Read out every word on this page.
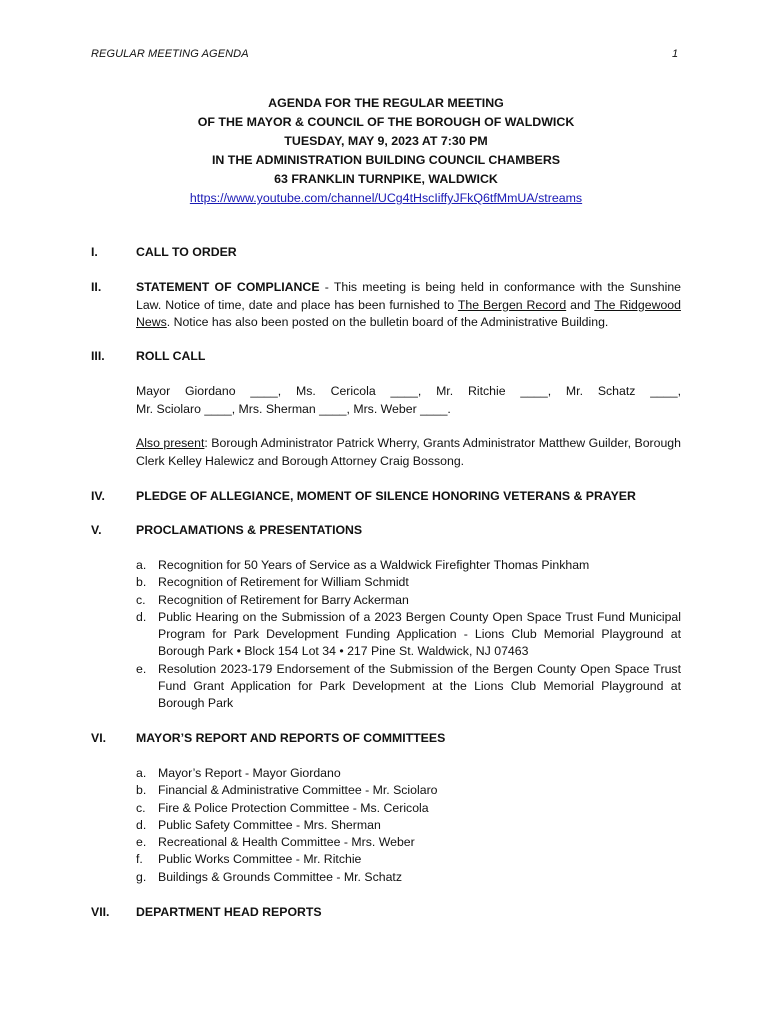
REGULAR MEETING AGENDA	1
AGENDA FOR THE REGULAR MEETING
OF THE MAYOR & COUNCIL OF THE BOROUGH OF WALDWICK
TUESDAY, MAY 9, 2023 AT 7:30 PM
IN THE ADMINISTRATION BUILDING COUNCIL CHAMBERS
63 FRANKLIN TURNPIKE, WALDWICK
https://www.youtube.com/channel/UCg4tHscIiffyJFkQ6tfMmUA/streams
I.	CALL TO ORDER
II.	STATEMENT OF COMPLIANCE - This meeting is being held in conformance with the Sunshine Law. Notice of time, date and place has been furnished to The Bergen Record and The Ridgewood News. Notice has also been posted on the bulletin board of the Administrative Building.
III.	ROLL CALL
Mayor Giordano ____, Ms. Cericola ____, Mr. Ritchie ____, Mr. Schatz ____,
Mr. Sciolaro ____, Mrs. Sherman ____, Mrs. Weber ____.
Also present: Borough Administrator Patrick Wherry, Grants Administrator Matthew Guilder, Borough Clerk Kelley Halewicz and Borough Attorney Craig Bossong.
IV.	PLEDGE OF ALLEGIANCE, MOMENT OF SILENCE HONORING VETERANS & PRAYER
V.	PROCLAMATIONS & PRESENTATIONS
a. Recognition for 50 Years of Service as a Waldwick Firefighter Thomas Pinkham
b. Recognition of Retirement for William Schmidt
c. Recognition of Retirement for Barry Ackerman
d. Public Hearing on the Submission of a 2023 Bergen County Open Space Trust Fund Municipal Program for Park Development Funding Application - Lions Club Memorial Playground at Borough Park • Block 154 Lot 34 • 217 Pine St. Waldwick, NJ 07463
e. Resolution 2023-179 Endorsement of the Submission of the Bergen County Open Space Trust Fund Grant Application for Park Development at the Lions Club Memorial Playground at Borough Park
VI. MAYOR’S REPORT AND REPORTS OF COMMITTEES
a. Mayor’s Report - Mayor Giordano
b. Financial & Administrative Committee - Mr. Sciolaro
c. Fire & Police Protection Committee - Ms. Cericola
d. Public Safety Committee - Mrs. Sherman
e. Recreational & Health Committee - Mrs. Weber
f. Public Works Committee - Mr. Ritchie
g. Buildings & Grounds Committee - Mr. Schatz
VII. DEPARTMENT HEAD REPORTS
